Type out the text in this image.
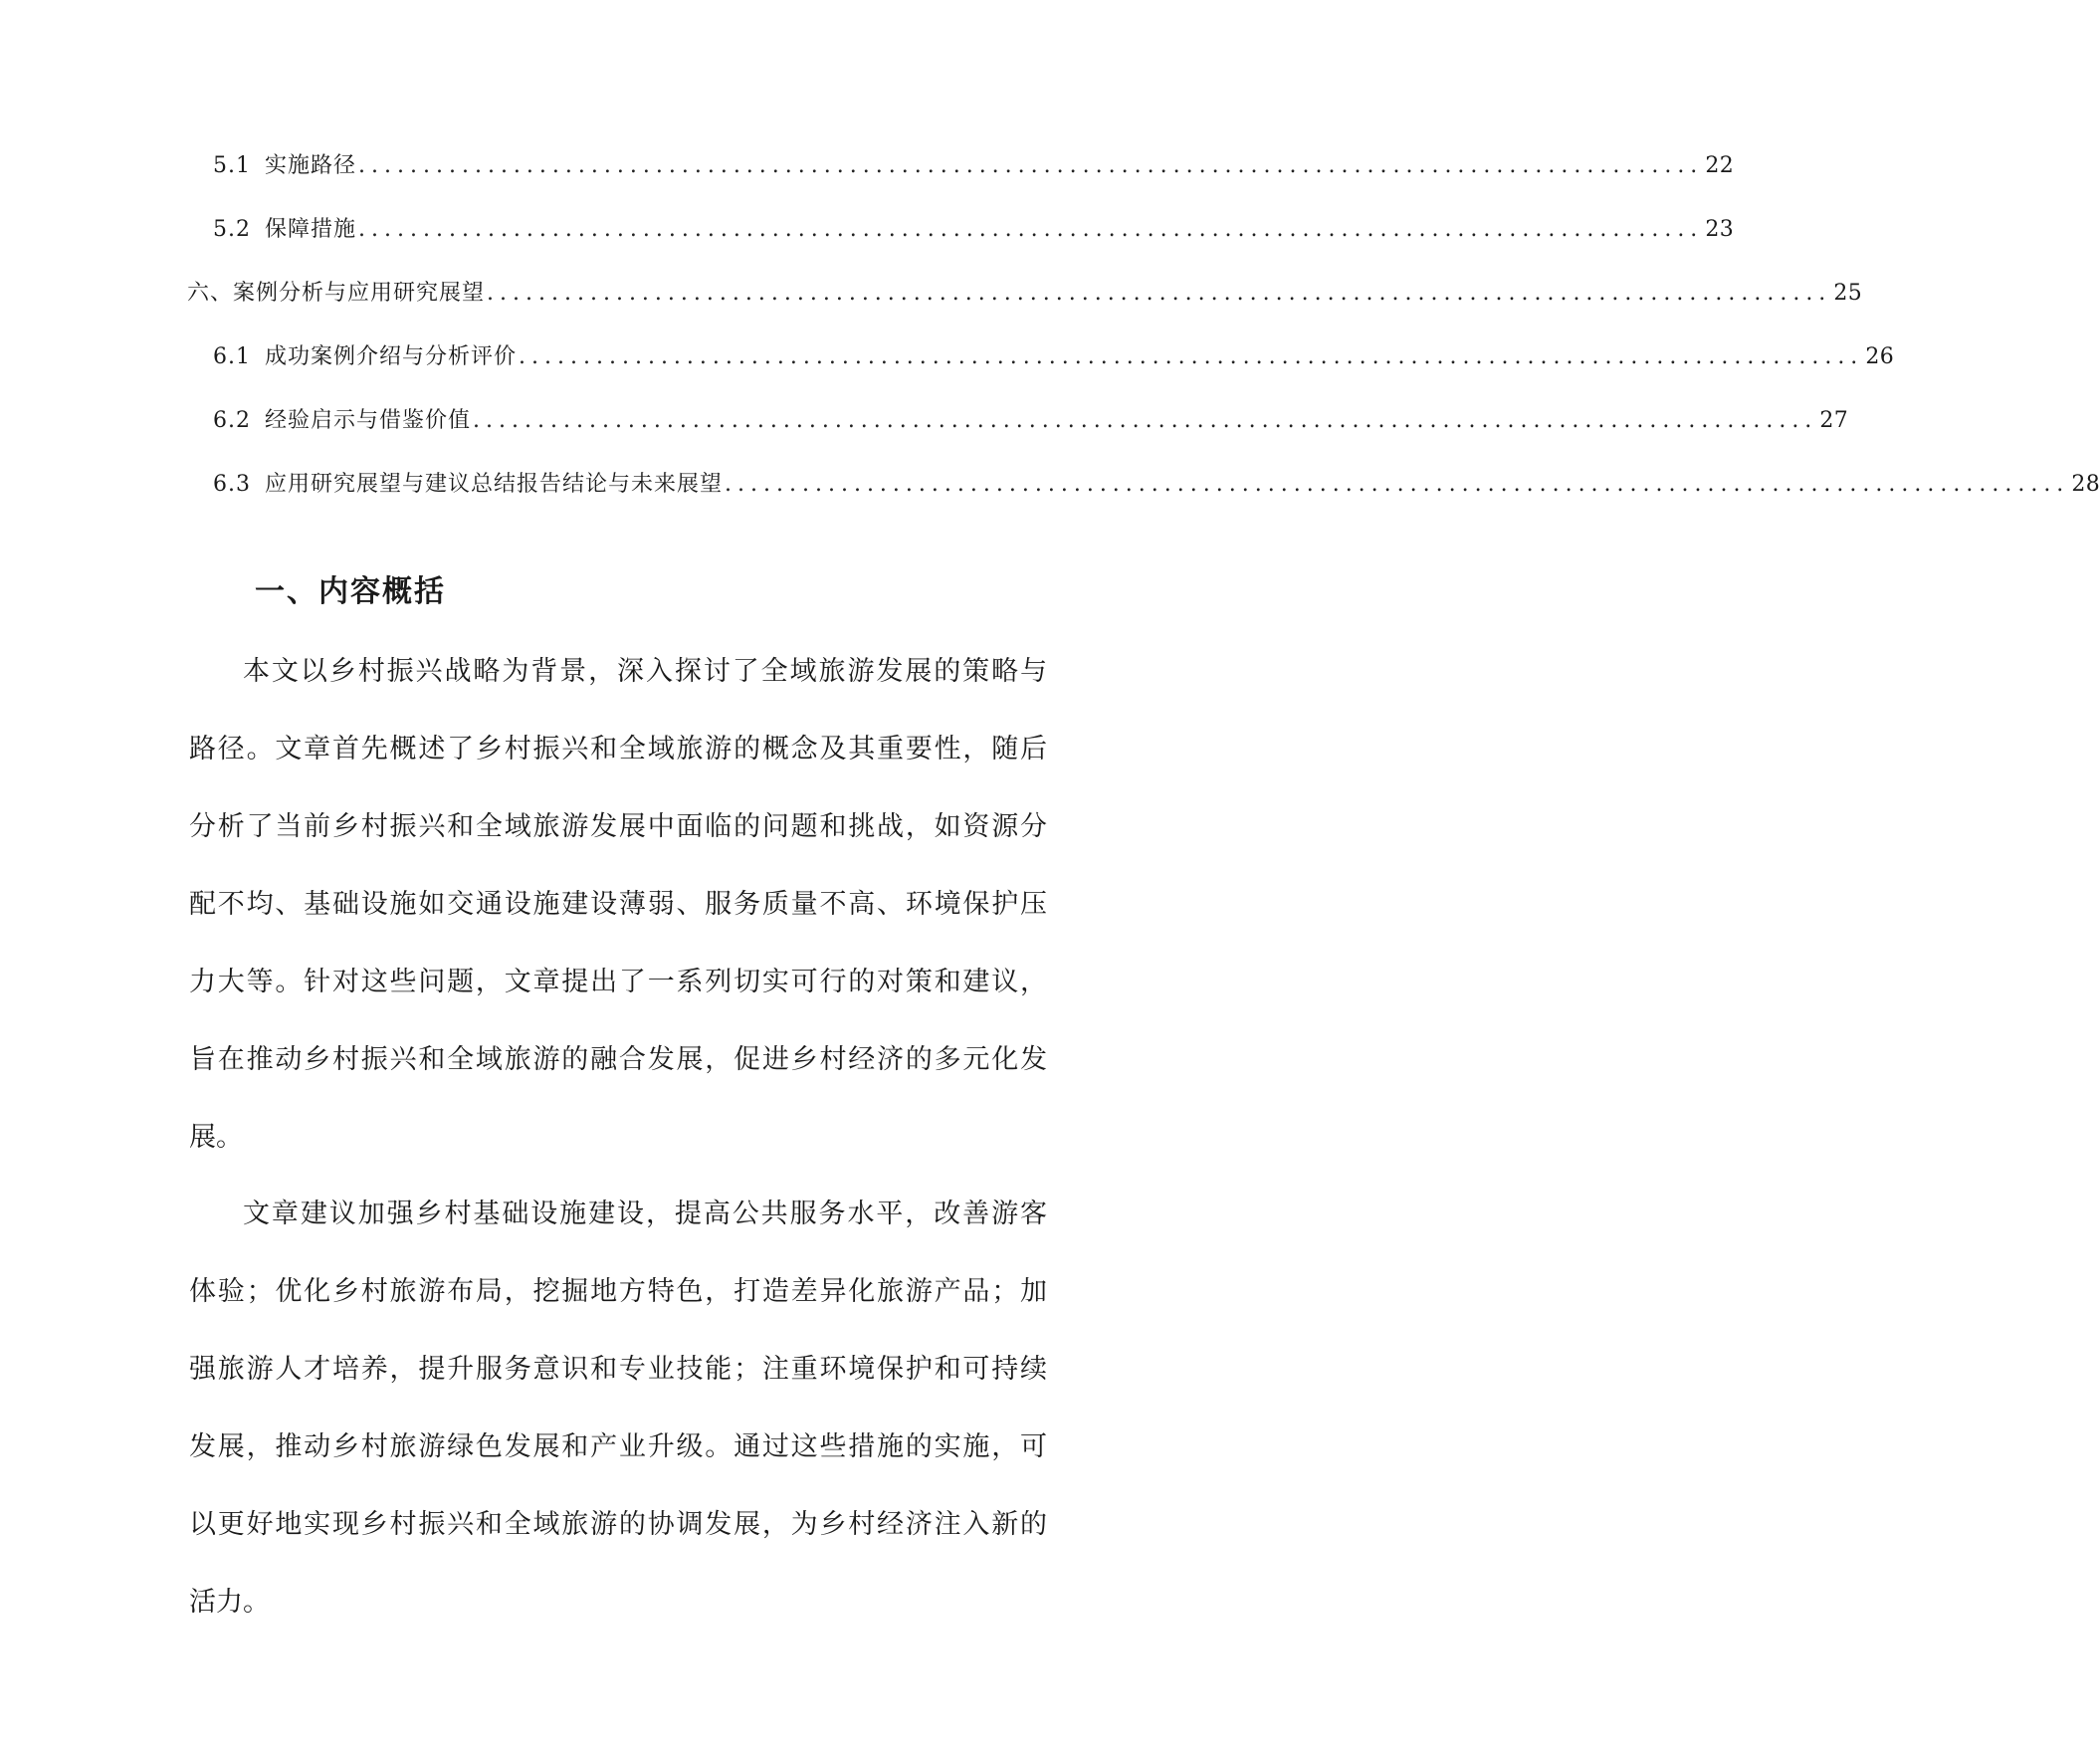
5.1 实施路径 ........................................................................................................ 22
5.2 保障措施 ........................................................................................................ 23
六、案例分析与应用研究展望 ........................................................................................................ 25
6.1 成功案例介绍与分析评价 ........................................................................................................ 26
6.2 经验启示与借鉴价值 ........................................................................................................ 27
6.3 应用研究展望与建议总结报告结论与未来展望 ........................................................................................................ 28
一、内容概括
本文以乡村振兴战略为背景，深入探讨了全域旅游发展的策略与
路径。文章首先概述了乡村振兴和全域旅游的概念及其重要性，随后
分析了当前乡村振兴和全域旅游发展中面临的问题和挑战，如资源分
配不均、基础设施如交通设施建设薄弱、服务质量不高、环境保护压
力大等。针对这些问题，文章提出了一系列切实可行的对策和建议，
旨在推动乡村振兴和全域旅游的融合发展，促进乡村经济的多元化发
展。
文章建议加强乡村基础设施建设，提高公共服务水平，改善游客
体验；优化乡村旅游布局，挖掘地方特色，打造差异化旅游产品；加
强旅游人才培养，提升服务意识和专业技能；注重环境保护和可持续
发展，推动乡村旅游绿色发展和产业升级。通过这些措施的实施，可
以更好地实现乡村振兴和全域旅游的协调发展，为乡村经济注入新的
活力。
